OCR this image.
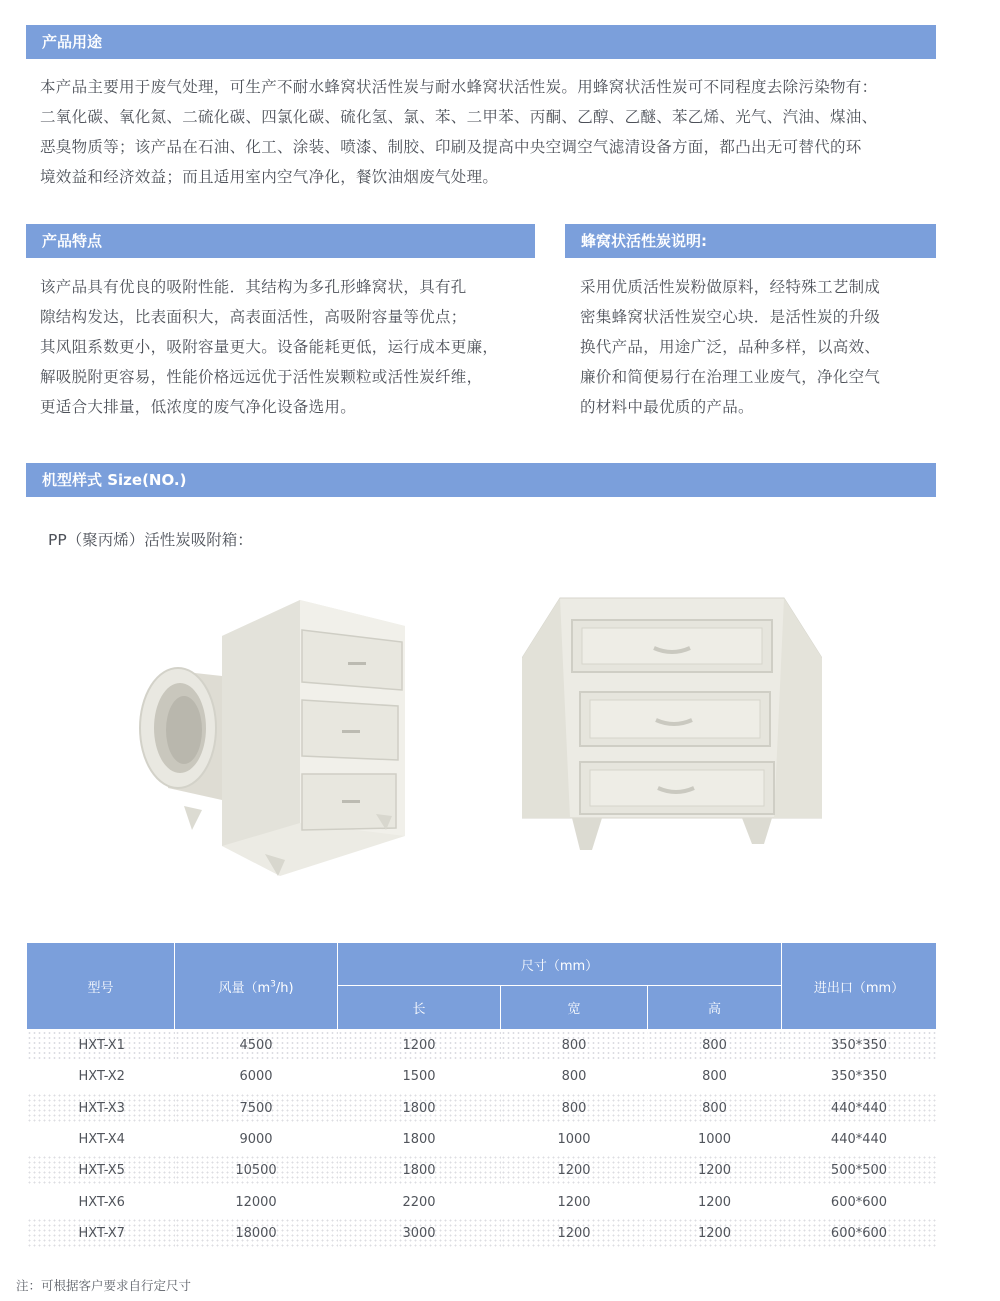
产品用途
本产品主要用于废气处理，可生产不耐水蜂窝状活性炭与耐水蜂窝状活性炭。用蜂窝状活性炭可不同程度去除污染物有：
二氧化碳、氧化氮、二硫化碳、四氯化碳、硫化氢、氯、苯、二甲苯、丙酮、乙醇、乙醚、苯乙烯、光气、汽油、煤油、
恶臭物质等；该产品在石油、化工、涂装、喷漆、制胶、印刷及提高中央空调空气滤清设备方面，都凸出无可替代的环
境效益和经济效益；而且适用室内空气净化，餐饮油烟废气处理。
产品特点
该产品具有优良的吸附性能．其结构为多孔形蜂窝状，具有孔
隙结构发达，比表面积大，高表面活性，高吸附容量等优点；
其风阻系数更小，吸附容量更大。设备能耗更低，运行成本更廉，
解吸脱附更容易，性能价格远远优于活性炭颗粒或活性炭纤维，
更适合大排量，低浓度的废气净化设备选用。
蜂窝状活性炭说明:
采用优质活性炭粉做原料，经特殊工艺制成
密集蜂窝状活性炭空心块．是活性炭的升级
换代产品，用途广泛，品种多样，以高效、
廉价和简便易行在治理工业废气，净化空气
的材料中最优质的产品。
机型样式 Size(NO.)
PP（聚丙烯）活性炭吸附箱：
型号	风量$(m^3/h)$	尺寸（mm）			进出口（mm）
		长	宽	高	
HXT-X1	4500	1200	800	800	350*350
HXT-X2	6000	1500	800	800	350*350
HXT-X3	7500	1800	800	800	440*440
HXT-X4	9000	1800	1000	1000	440*440
HXT-X5	10500	1800	1200	1200	500*500
HXT-X6	12000	2200	1200	1200	600*600
HXT-X7	18000	3000	1200	1200	600*600
注：可根据客户要求自行定尺寸
